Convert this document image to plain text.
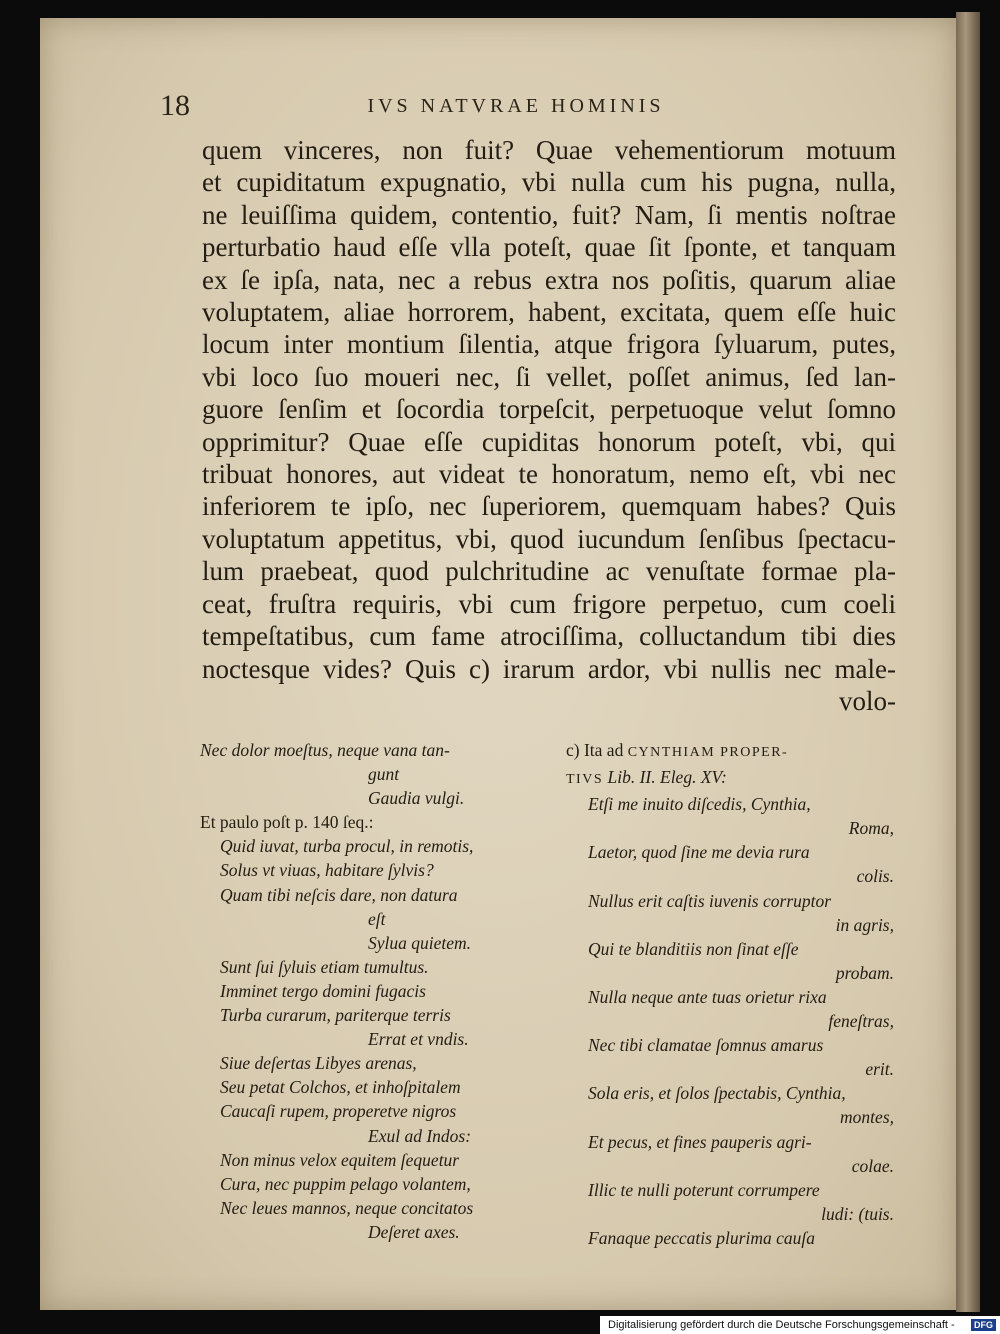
18	IVS NATVRAE HOMINIS
quem vinceres, non fuit? Quae vehementiorum motuum
et cupiditatum expugnatio, vbi nulla cum his pugna, nulla,
ne leuiſſima quidem, contentio, fuit? Nam, ſi mentis noſtrae
perturbatio haud eſſe vlla poteſt, quae ſit ſponte, et tanquam
ex ſe ipſa, nata, nec a rebus extra nos poſitis, quarum aliae
voluptatem, aliae horrorem, habent, excitata, quem eſſe huic
locum inter montium ſilentia, atque frigora ſyluarum, putes,
vbi loco ſuo moueri nec, ſi vellet, poſſet animus, ſed lan-
guore ſenſim et ſocordia torpeſcit, perpetuoque velut ſomno
opprimitur? Quae eſſe cupiditas honorum poteſt, vbi, qui
tribuat honores, aut videat te honoratum, nemo eſt, vbi nec
inferiorem te ipſo, nec ſuperiorem, quemquam habes? Quis
voluptatum appetitus, vbi, quod iucundum ſenſibus ſpectacu-
lum praebeat, quod pulchritudine ac venuſtate formae pla-
ceat, fruſtra requiris, vbi cum frigore perpetuo, cum coeli
tempeſtatibus, cum fame atrociſſima, colluctandum tibi dies
noctesque vides? Quis c) irarum ardor, vbi nullis nec male-
volo-
Nec dolor moeſtus, neque vana tan-
gunt
Gaudia vulgi.
Et paulo poſt p. 140 ſeq.:
Quid iuvat, turba procul, in remotis,
Solus vt viuas, habitare ſylvis?
Quam tibi neſcis dare, non datura
eſt
Sylua quietem.
Sunt ſui ſyluis etiam tumultus.
Imminet tergo domini fugacis
Turba curarum, pariterque terris
Errat et vndis.
Siue deſertas Libyes arenas,
Seu petat Colchos, et inhoſpitalem
Caucaſi rupem, properetve nigros
Exul ad Indos:
Non minus velox equitem ſequetur
Cura, nec puppim pelago volantem,
Nec leues mannos, neque concitatos
Deſeret axes.
c) Ita ad CYNTHIAM PROPER-
TIVS Lib. II. Eleg. XV:
Etſi me inuito diſcedis, Cynthia,
Roma,
Laetor, quod ſine me devia rura
colis.
Nullus erit caſtis iuvenis corruptor
in agris,
Qui te blanditiis non ſinat eſſe
probam.
Nulla neque ante tuas orietur rixa
feneſtras,
Nec tibi clamatae ſomnus amarus
erit.
Sola eris, et ſolos ſpectabis, Cynthia,
montes,
Et pecus, et fines pauperis agri-
colae.
Illic te nulli poterunt corrumpere
ludi: (tuis.
Fanaque peccatis plurima cauſa
Digitalisierung gefördert durch die Deutsche Forschungsgemeinschaft -	DFG
